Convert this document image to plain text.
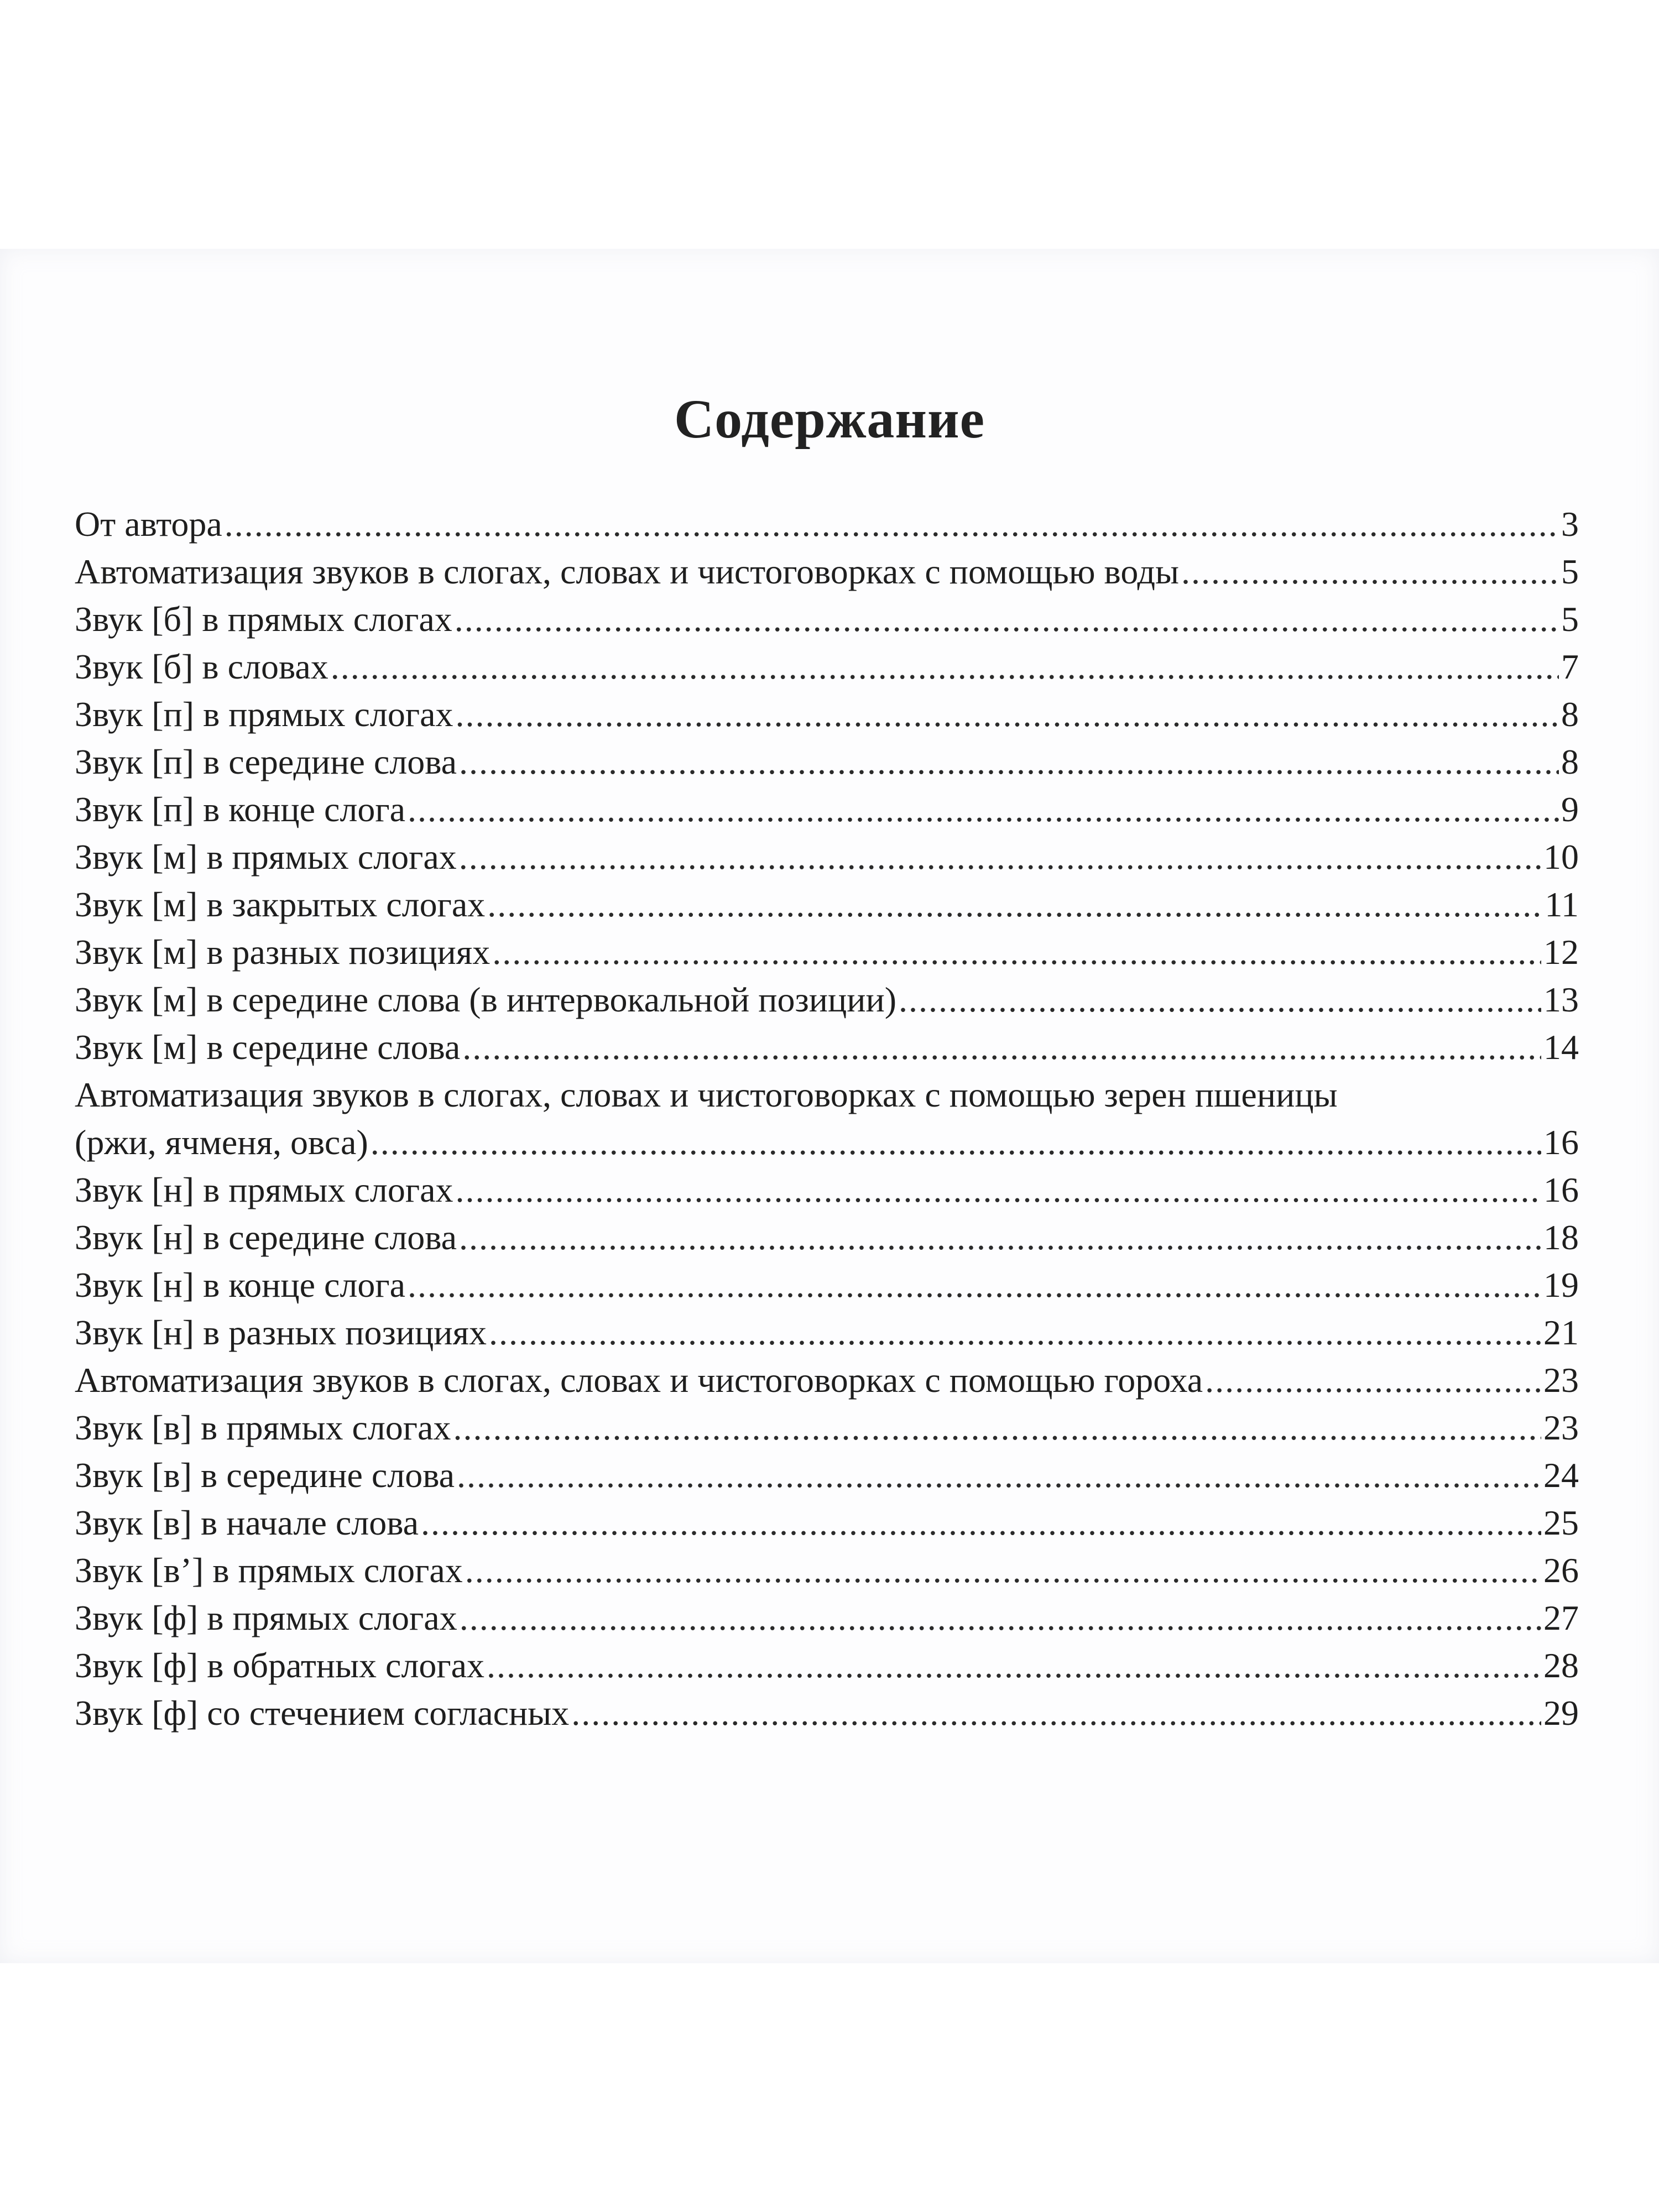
Содержание
От автора .....	3
Автоматизация звуков в слогах, словах и чистоговорках с помощью воды .....	5
Звук [б] в прямых слогах .....	5
Звук [б] в словах .....	7
Звук [п] в прямых слогах .....	8
Звук [п] в середине слова .....	8
Звук [п] в конце слога .....	9
Звук [м] в прямых слогах .....	10
Звук [м] в закрытых слогах .....	11
Звук [м] в разных позициях .....	12
Звук [м] в середине слова (в интервокальной позиции) .....	13
Звук [м] в середине слова .....	14
Автоматизация звуков в слогах, словах и чистоговорках с помощью зерен пшеницы
(ржи, ячменя, овса) .....	16
Звук [н] в прямых слогах .....	16
Звук [н] в середине слова .....	18
Звук [н] в конце слога .....	19
Звук [н] в разных позициях .....	21
Автоматизация звуков в слогах, словах и чистоговорках с помощью гороха .....	23
Звук [в] в прямых слогах .....	23
Звук [в] в середине слова .....	24
Звук [в] в начале слова .....	25
Звук [в’] в прямых слогах .....	26
Звук [ф] в прямых слогах .....	27
Звук [ф] в обратных слогах .....	28
Звук [ф] со стечением согласных .....	29
